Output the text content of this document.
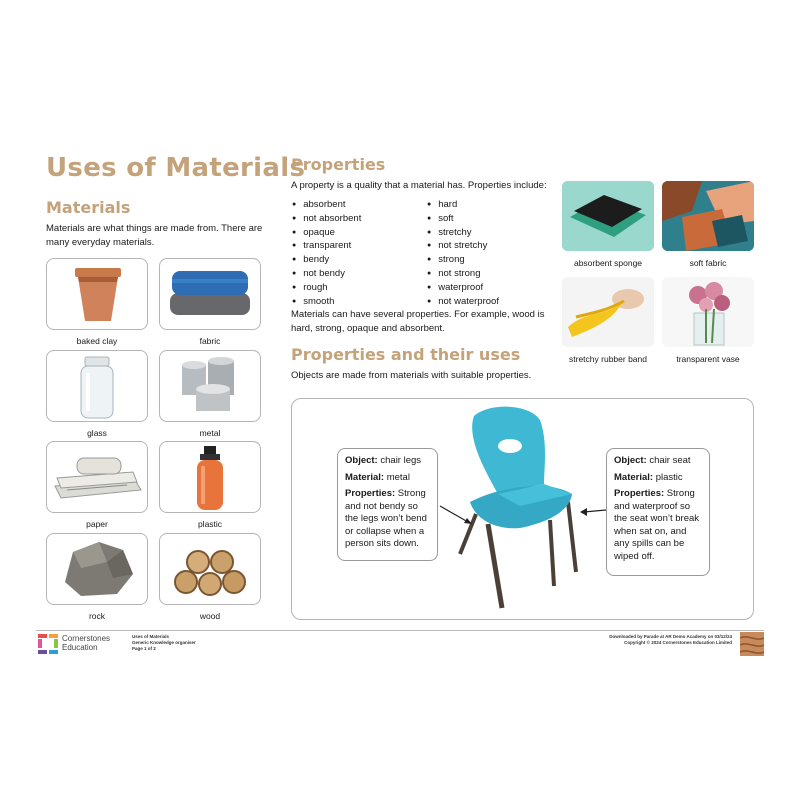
Uses of Materials
Materials
Materials are what things are made from. There are many everyday materials.
baked clay	fabric
glass	metal
paper	plastic
rock	wood
Properties
A property is a quality that a material has. Properties include:
● absorbent
● not absorbent
● opaque
● transparent
● bendy
● not bendy
● rough
● smooth
● hard
● soft
● stretchy
● not stretchy
● strong
● not strong
● waterproof
● not waterproof
Materials can have several properties. For example, wood is hard, strong, opaque and absorbent.
absorbent sponge	soft fabric
stretchy rubber band	transparent vase
Properties and their uses
Objects are made from materials with suitable properties.
Object: chair legs
Material: metal
Properties: Strong and not bendy so the legs won’t bend or collapse when a person sits down.
Object: chair seat
Material: plastic
Properties: Strong and waterproof so the seat won’t break when sat on, and any spills can be wiped off.
Cornerstones
Education
Uses of Materials
Generic Knowledge organiser
Page 1 of 2
Downloaded by Parade at AR Demo Academy on 03/12/24
Copyright © 2024 Cornerstones Education Limited
